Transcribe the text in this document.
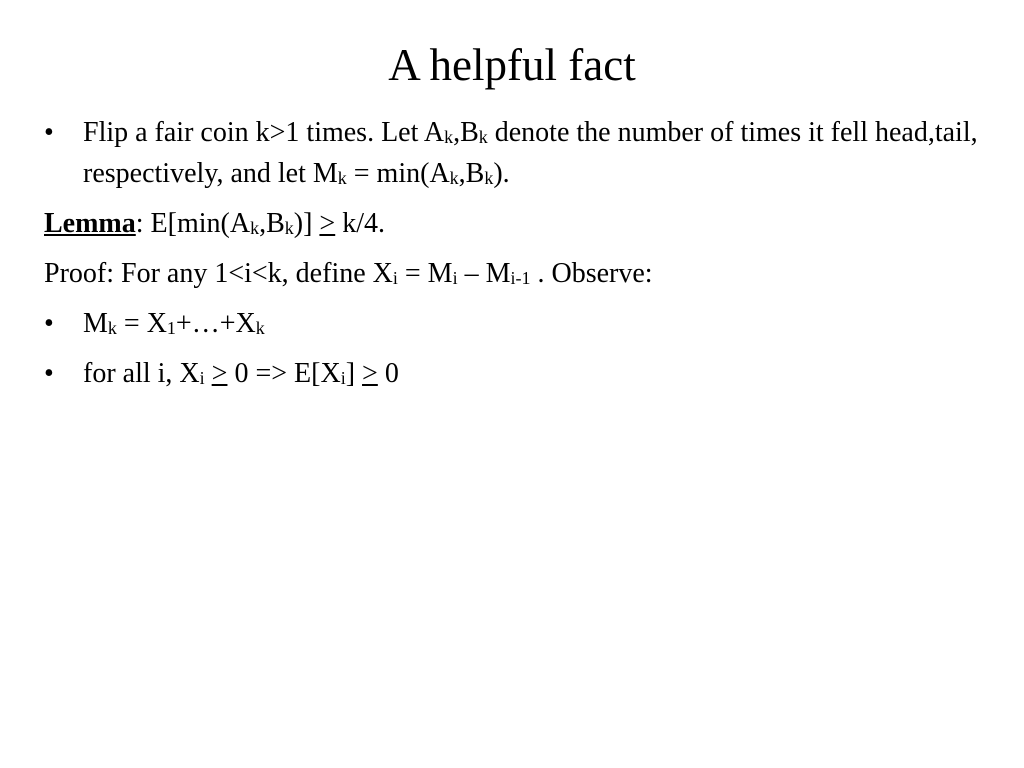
A helpful fact
• Flip a fair coin k>1 times. Let $A_k,B_k$ denote the number of times it fell head,tail, respectively, and let $M_k = \min(A_k,B_k)$.
Lemma: $E[\min(A_k,B_k)] \ge k/4$.
Proof: For any 1<i<k, define $X_i = M_i - M_{i-1}$ . Observe:
• $M_k$ = $X_1+\dots+X_k$
• for all i, $X_i \ge 0 => E[X_i] \ge 0$
